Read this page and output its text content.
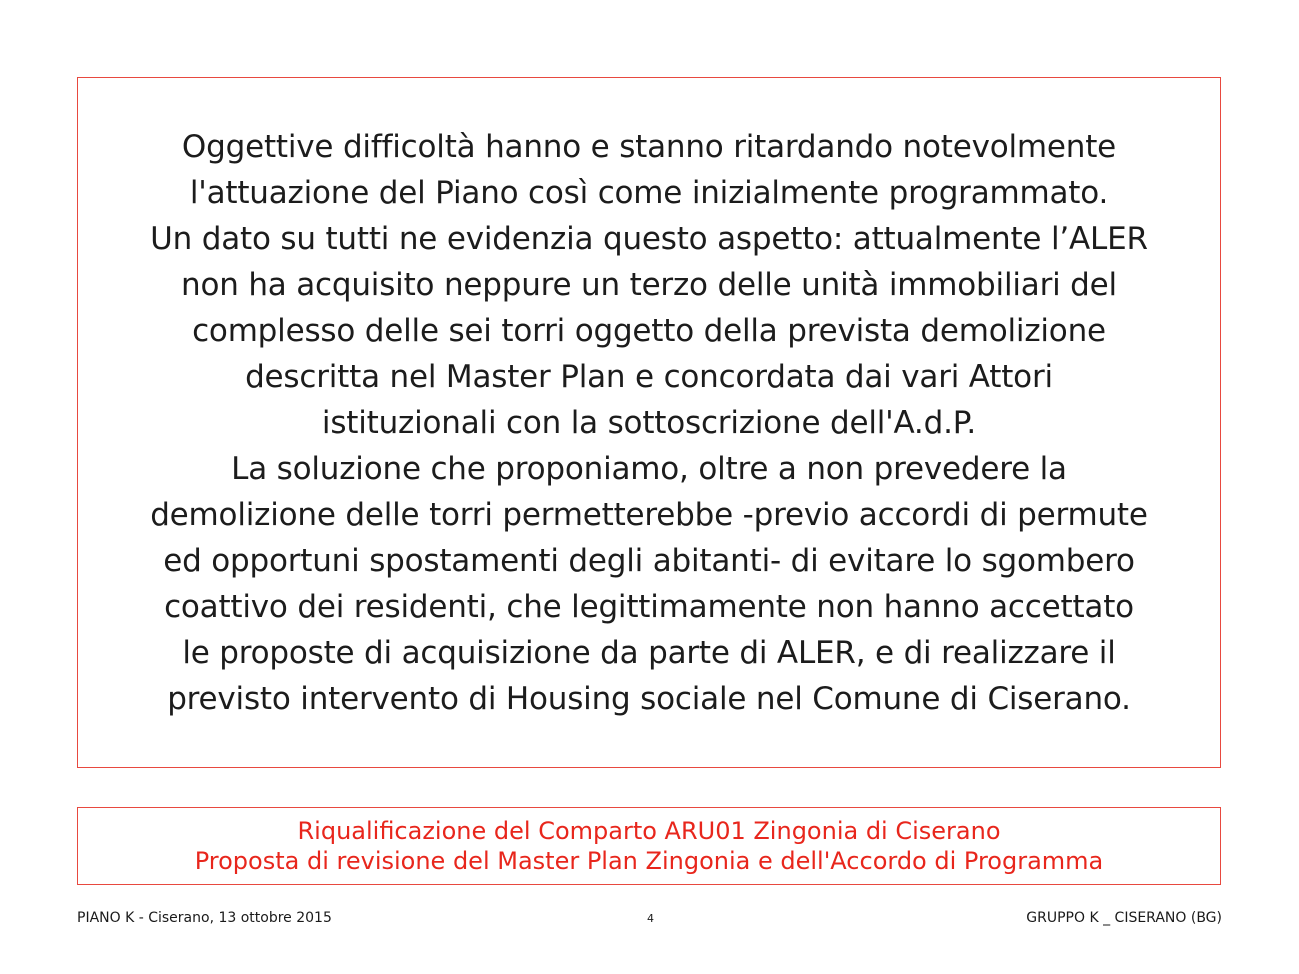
Oggettive difficoltà hanno e stanno ritardando notevolmente
l'attuazione del Piano così come inizialmente programmato.
Un dato su tutti ne evidenzia questo aspetto: attualmente l’ALER
non ha acquisito neppure un terzo delle unità immobiliari del
complesso delle sei torri oggetto della prevista demolizione
descritta nel Master Plan e concordata dai vari Attori
istituzionali con la sottoscrizione dell'A.d.P.
La soluzione che proponiamo, oltre a non prevedere la
demolizione delle torri permetterebbe -previo accordi di permute
ed opportuni spostamenti degli abitanti- di evitare lo sgombero
coattivo dei residenti, che legittimamente non hanno accettato
le proposte di acquisizione da parte di ALER, e di realizzare il
previsto intervento di Housing sociale nel Comune di Ciserano.

Riqualificazione del Comparto ARU01 Zingonia di Ciserano
Proposta di revisione del Master Plan Zingonia e dell'Accordo di Programma
PIANO K - Ciserano, 13 ottobre 2015	4	GRUPPO K _ CISERANO (BG)
